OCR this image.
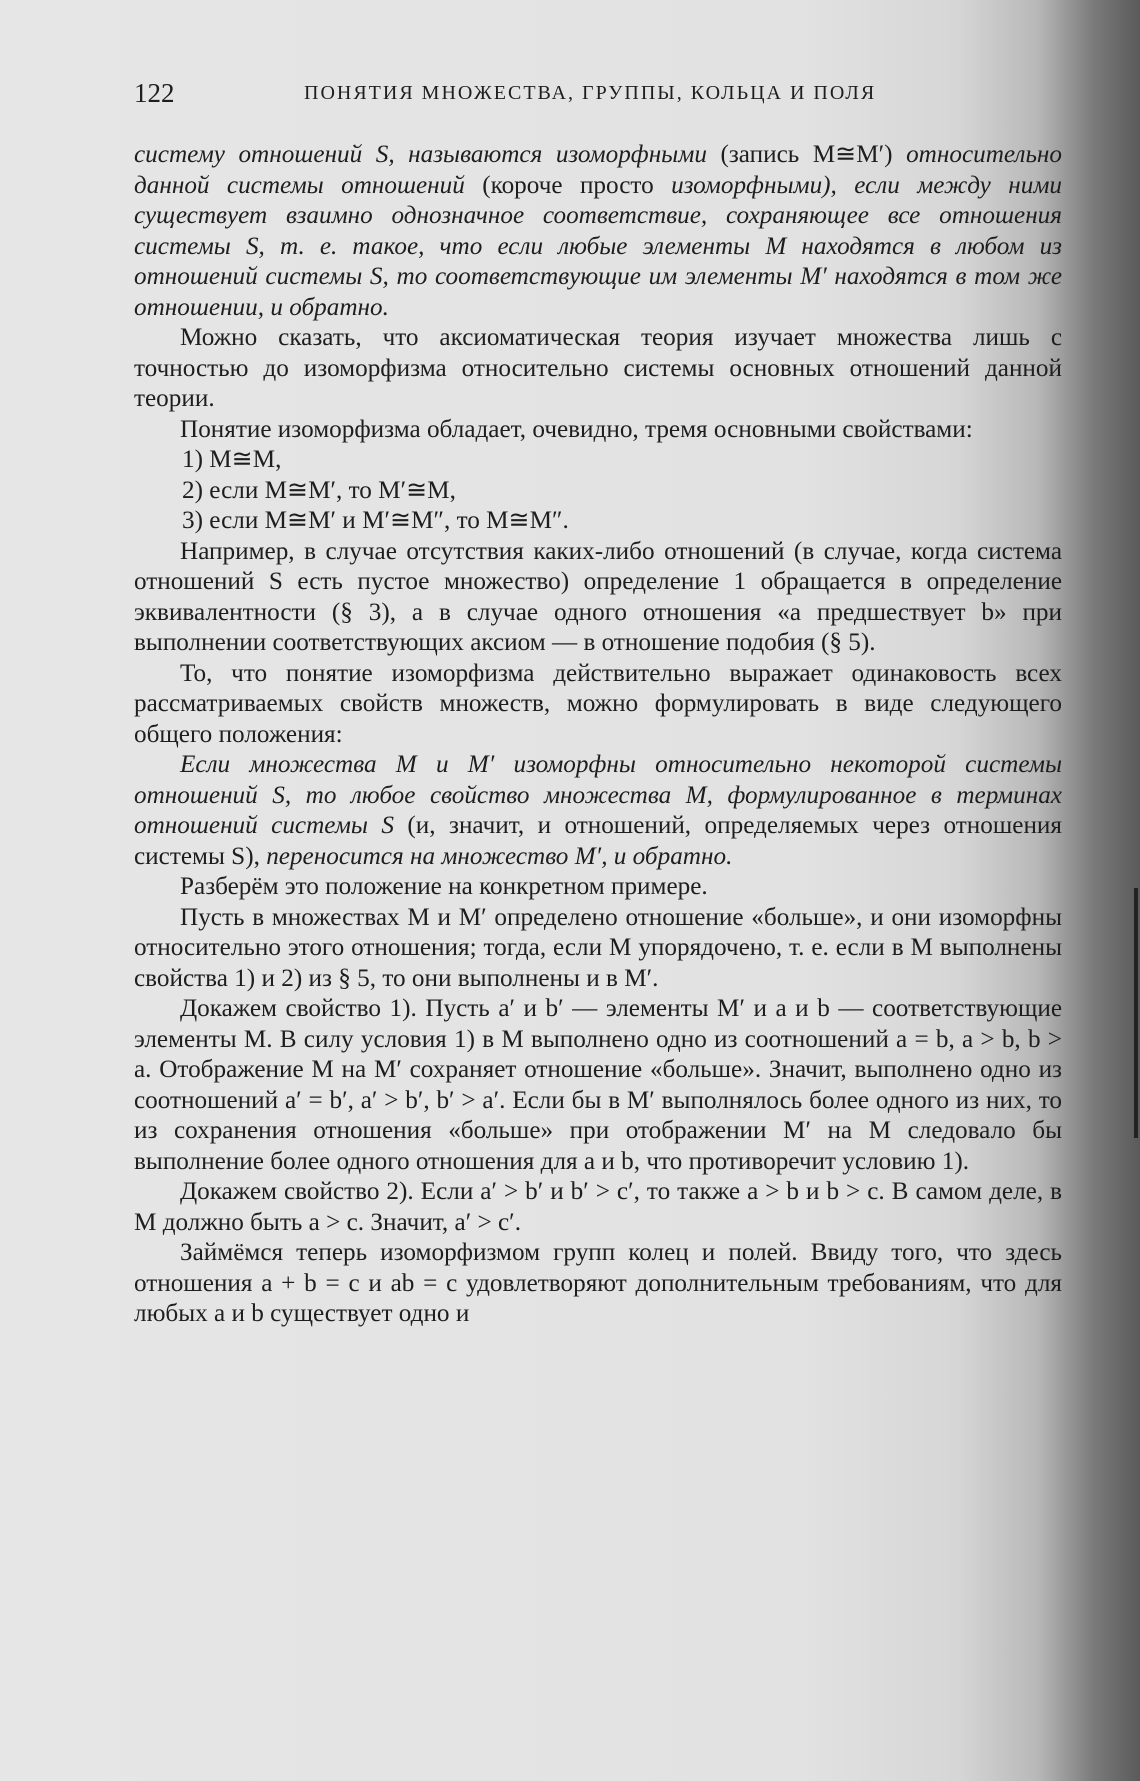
122	ПОНЯТИЯ МНОЖЕСТВА, ГРУППЫ, КОЛЬЦА И ПОЛЯ

систему отношений S, называются изоморфными (запись M≅M′) относительно данной системы отношений (короче просто изоморфными), если между ними существует взаимно однозначное соответствие, сохраняющее все отношения системы S, т. е. такое, что если любые элементы M находятся в любом из отношений системы S, то соответствующие им элементы M′ находятся в том же отношении, и обратно.

Можно сказать, что аксиоматическая теория изучает множества лишь с точностью до изоморфизма относительно системы основных отношений данной теории.

Понятие изоморфизма обладает, очевидно, тремя основными свойствами:

1) M≅M,

2) если M≅M′, то M′≅M,

3) если M≅M′ и M′≅M″, то M≅M″.

Например, в случае отсутствия каких-либо отношений (в случае, когда система отношений S есть пустое множество) определение 1 обращается в определение эквивалентности (§ 3), а в случае одного отношения «a предшествует b» при выполнении соответствующих аксиом — в отношение подобия (§ 5).

То, что понятие изоморфизма действительно выражает одинаковость всех рассматриваемых свойств множеств, можно формулировать в виде следующего общего положения:

Если множества M и M′ изоморфны относительно некоторой системы отношений S, то любое свойство множества M, формулированное в терминах отношений системы S (и, значит, и отношений, определяемых через отношения системы S), переносится на множество M′, и обратно.

Разберём это положение на конкретном примере.

Пусть в множествах M и M′ определено отношение «больше», и они изоморфны относительно этого отношения; тогда, если M упорядочено, т. е. если в M выполнены свойства 1) и 2) из § 5, то они выполнены и в M′.

Докажем свойство 1). Пусть a′ и b′ — элементы M′ и a и b — соответствующие элементы M. В силу условия 1) в M выполнено одно из соотношений a = b, a > b, b > a. Отображение M на M′ сохраняет отношение «больше». Значит, выполнено одно из соотношений a′ = b′, a′ > b′, b′ > a′. Если бы в M′ выполнялось более одного из них, то из сохранения отношения «больше» при отображении M′ на M следовало бы выполнение более одного отношения для a и b, что противоречит условию 1).

Докажем свойство 2). Если a′ > b′ и b′ > c′, то также a > b и b > c. В самом деле, в M должно быть a > c. Значит, a′ > c′.

Займёмся теперь изоморфизмом групп колец и полей. Ввиду того, что здесь отношения a + b = c и ab = c удовлетворяют дополнительным требованиям, что для любых a и b существует одно и
